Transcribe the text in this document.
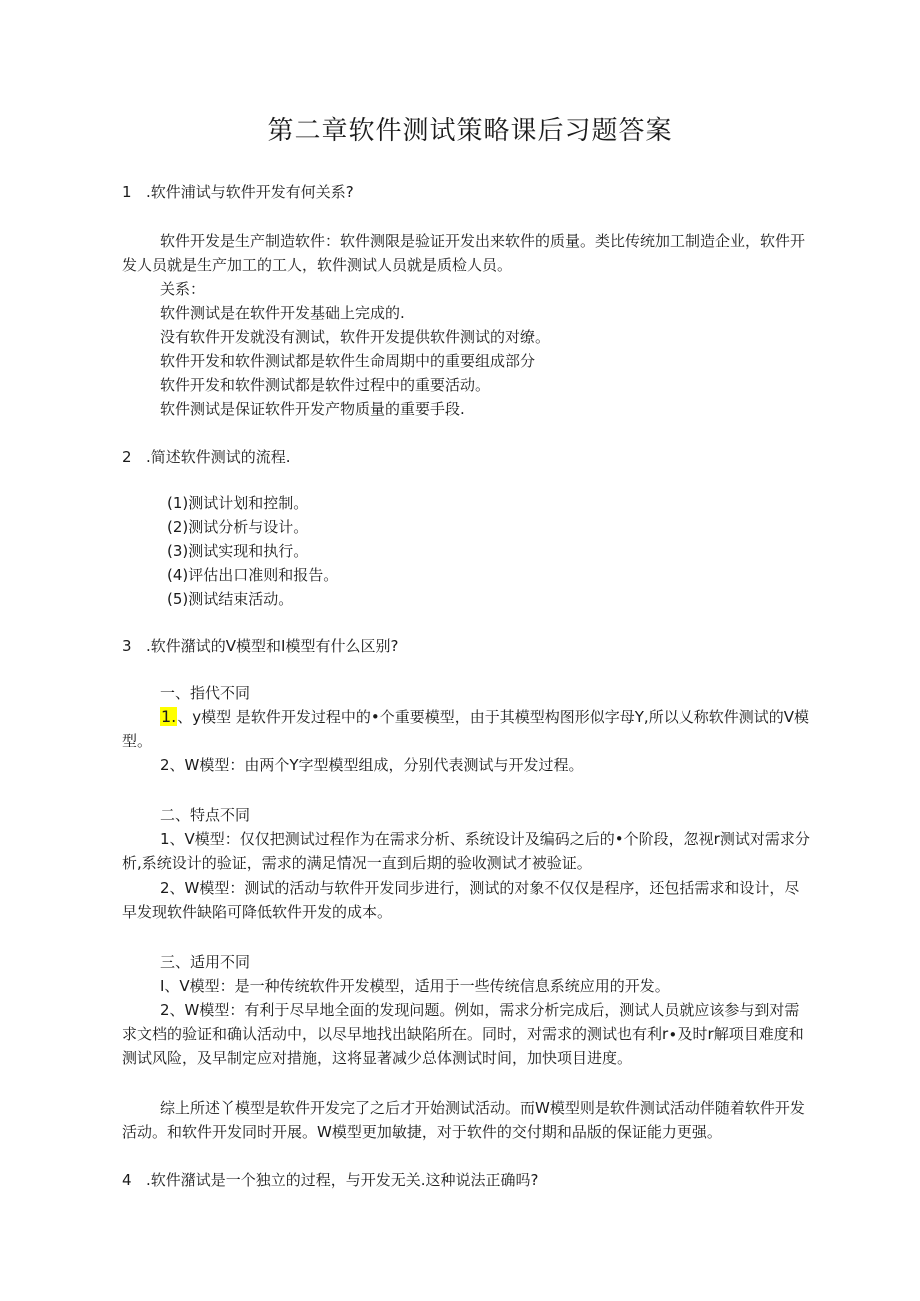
第二章软件测试策略课后习题答案

1 .软件浦试与软件开发有何关系?

软件开发是生产制造软件：软件测限是验证开发出来软件的质量。类比传统加工制造企业，软件开

发人员就是生产加工的工人，软件测试人员就是质检人员。

关系：

软件测试是在软件开发基础上完成的.

没有软件开发就没有测试，软件开发提供软件测试的对缭。

软件开发和软件测试都是软件生命周期中的重要组成部分

软件开发和软件测试都是软件过程中的重要活动。

软件测试是保证软件开发产物质量的重要手段.

2 .简述软件测试的流程.

(1)测试计划和控制。

(2)测试分析与设计。

(3)测试实现和执行。

(4)评估出口准则和报告。

(5)测试结束活动。

3 .软件潴试的V模型和I模型有什么区别?

一、指代不同

1.、y模型 是软件开发过程中的•个重要模型，由于其模型构图形似字母Y,所以乂称软件测试的V模

型。

2、W模型：由两个Y字型模型组成，分别代表测试与开发过程。

二、特点不同

1、V模型：仅仅把测试过程作为在需求分析、系统设计及编码之后的•个阶段，忽视r测试对需求分

析,系统设计的验证，需求的满足情况一直到后期的验收测试才被验证。

2、W模型：测试的活动与软件开发同步进行，测试的对象不仅仅是程序，还包括需求和设计，尽

早发现软件缺陷可降低软件开发的成本。

三、适用不同

I、V模型：是一种传统软件开发模型，适用于一些传统信息系统应用的开发。

2、W模型：有利于尽早地全面的发现问题。例如，需求分析完成后，测试人员就应该参与到对需

求文档的验证和确认活动中，以尽早地找出缺陷所在。同时，对需求的测试也有利r∙及时r解项目难度和

测试风险，及早制定应对措施，这将显著减少总体测试时间，加快项目进度。

综上所述丫模型是软件开发完了之后才开始测试活动。而W模型则是软件测试活动伴随着软件开发

活动。和软件开发同时开展。W模型更加敏捷，对于软件的交付期和品版的保证能力更强。

4 .软件潴试是一个独立的过程，与开发无关.这种说法正确吗?
